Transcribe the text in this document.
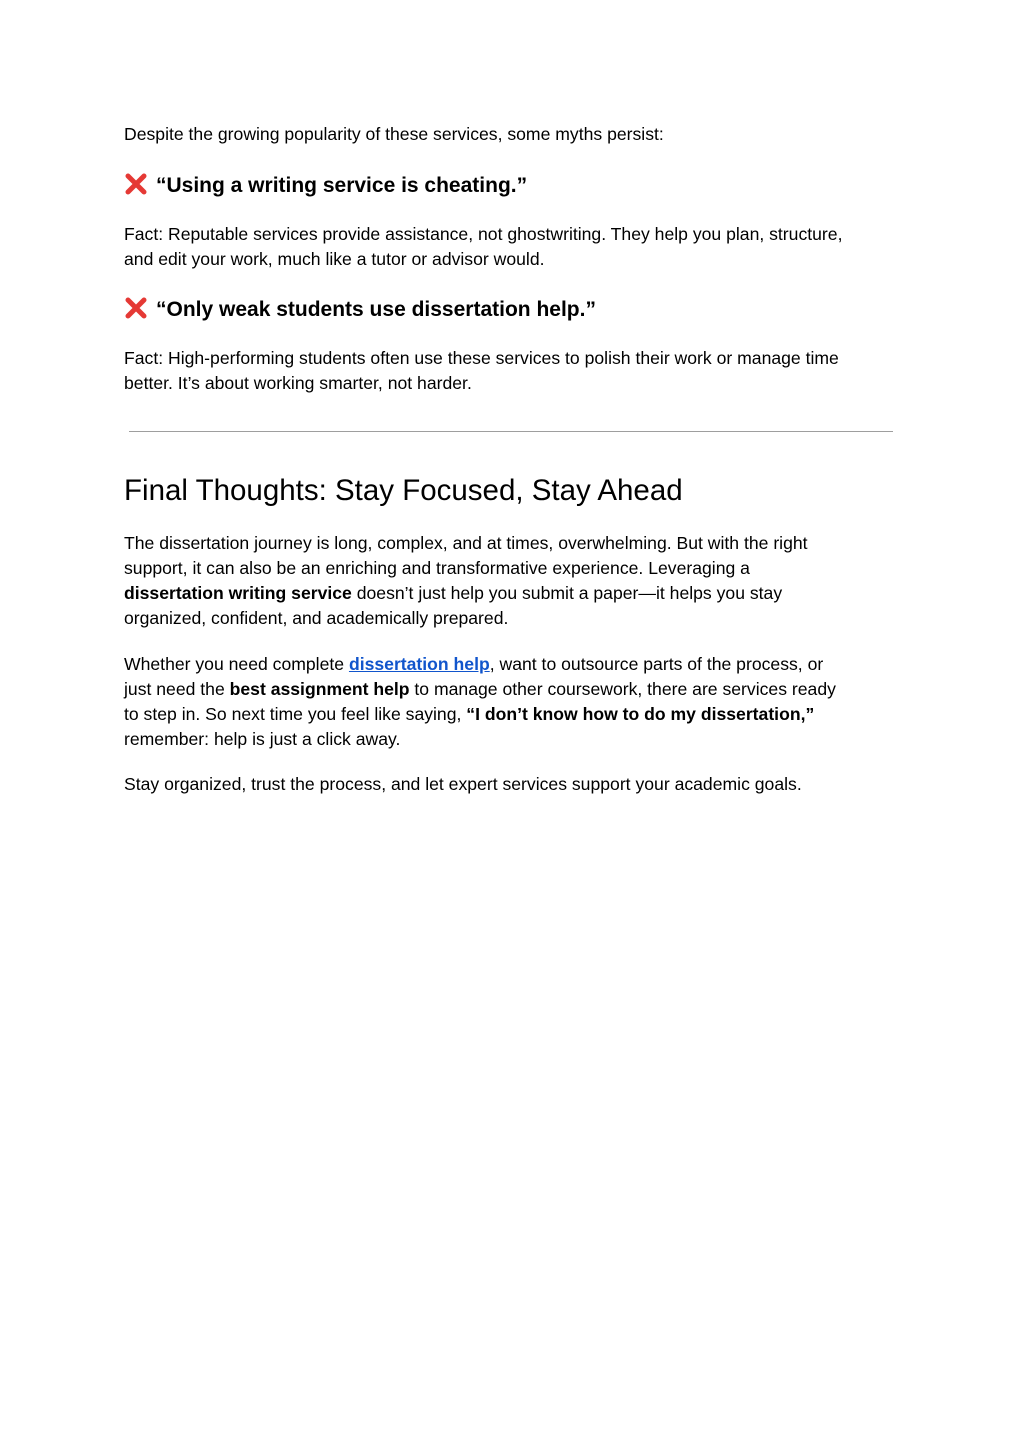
Despite the growing popularity of these services, some myths persist:

“Using a writing service is cheating.”

Fact: Reputable services provide assistance, not ghostwriting. They help you plan, structure,
and edit your work, much like a tutor or advisor would.

“Only weak students use dissertation help.”

Fact: High-performing students often use these services to polish their work or manage time
better. It’s about working smarter, not harder.

Final Thoughts: Stay Focused, Stay Ahead

The dissertation journey is long, complex, and at times, overwhelming. But with the right
support, it can also be an enriching and transformative experience. Leveraging a
dissertation writing service doesn’t just help you submit a paper—it helps you stay
organized, confident, and academically prepared.

Whether you need complete dissertation help, want to outsource parts of the process, or
just need the best assignment help to manage other coursework, there are services ready
to step in. So next time you feel like saying, “I don’t know how to do my dissertation,”
remember: help is just a click away.

Stay organized, trust the process, and let expert services support your academic goals.
